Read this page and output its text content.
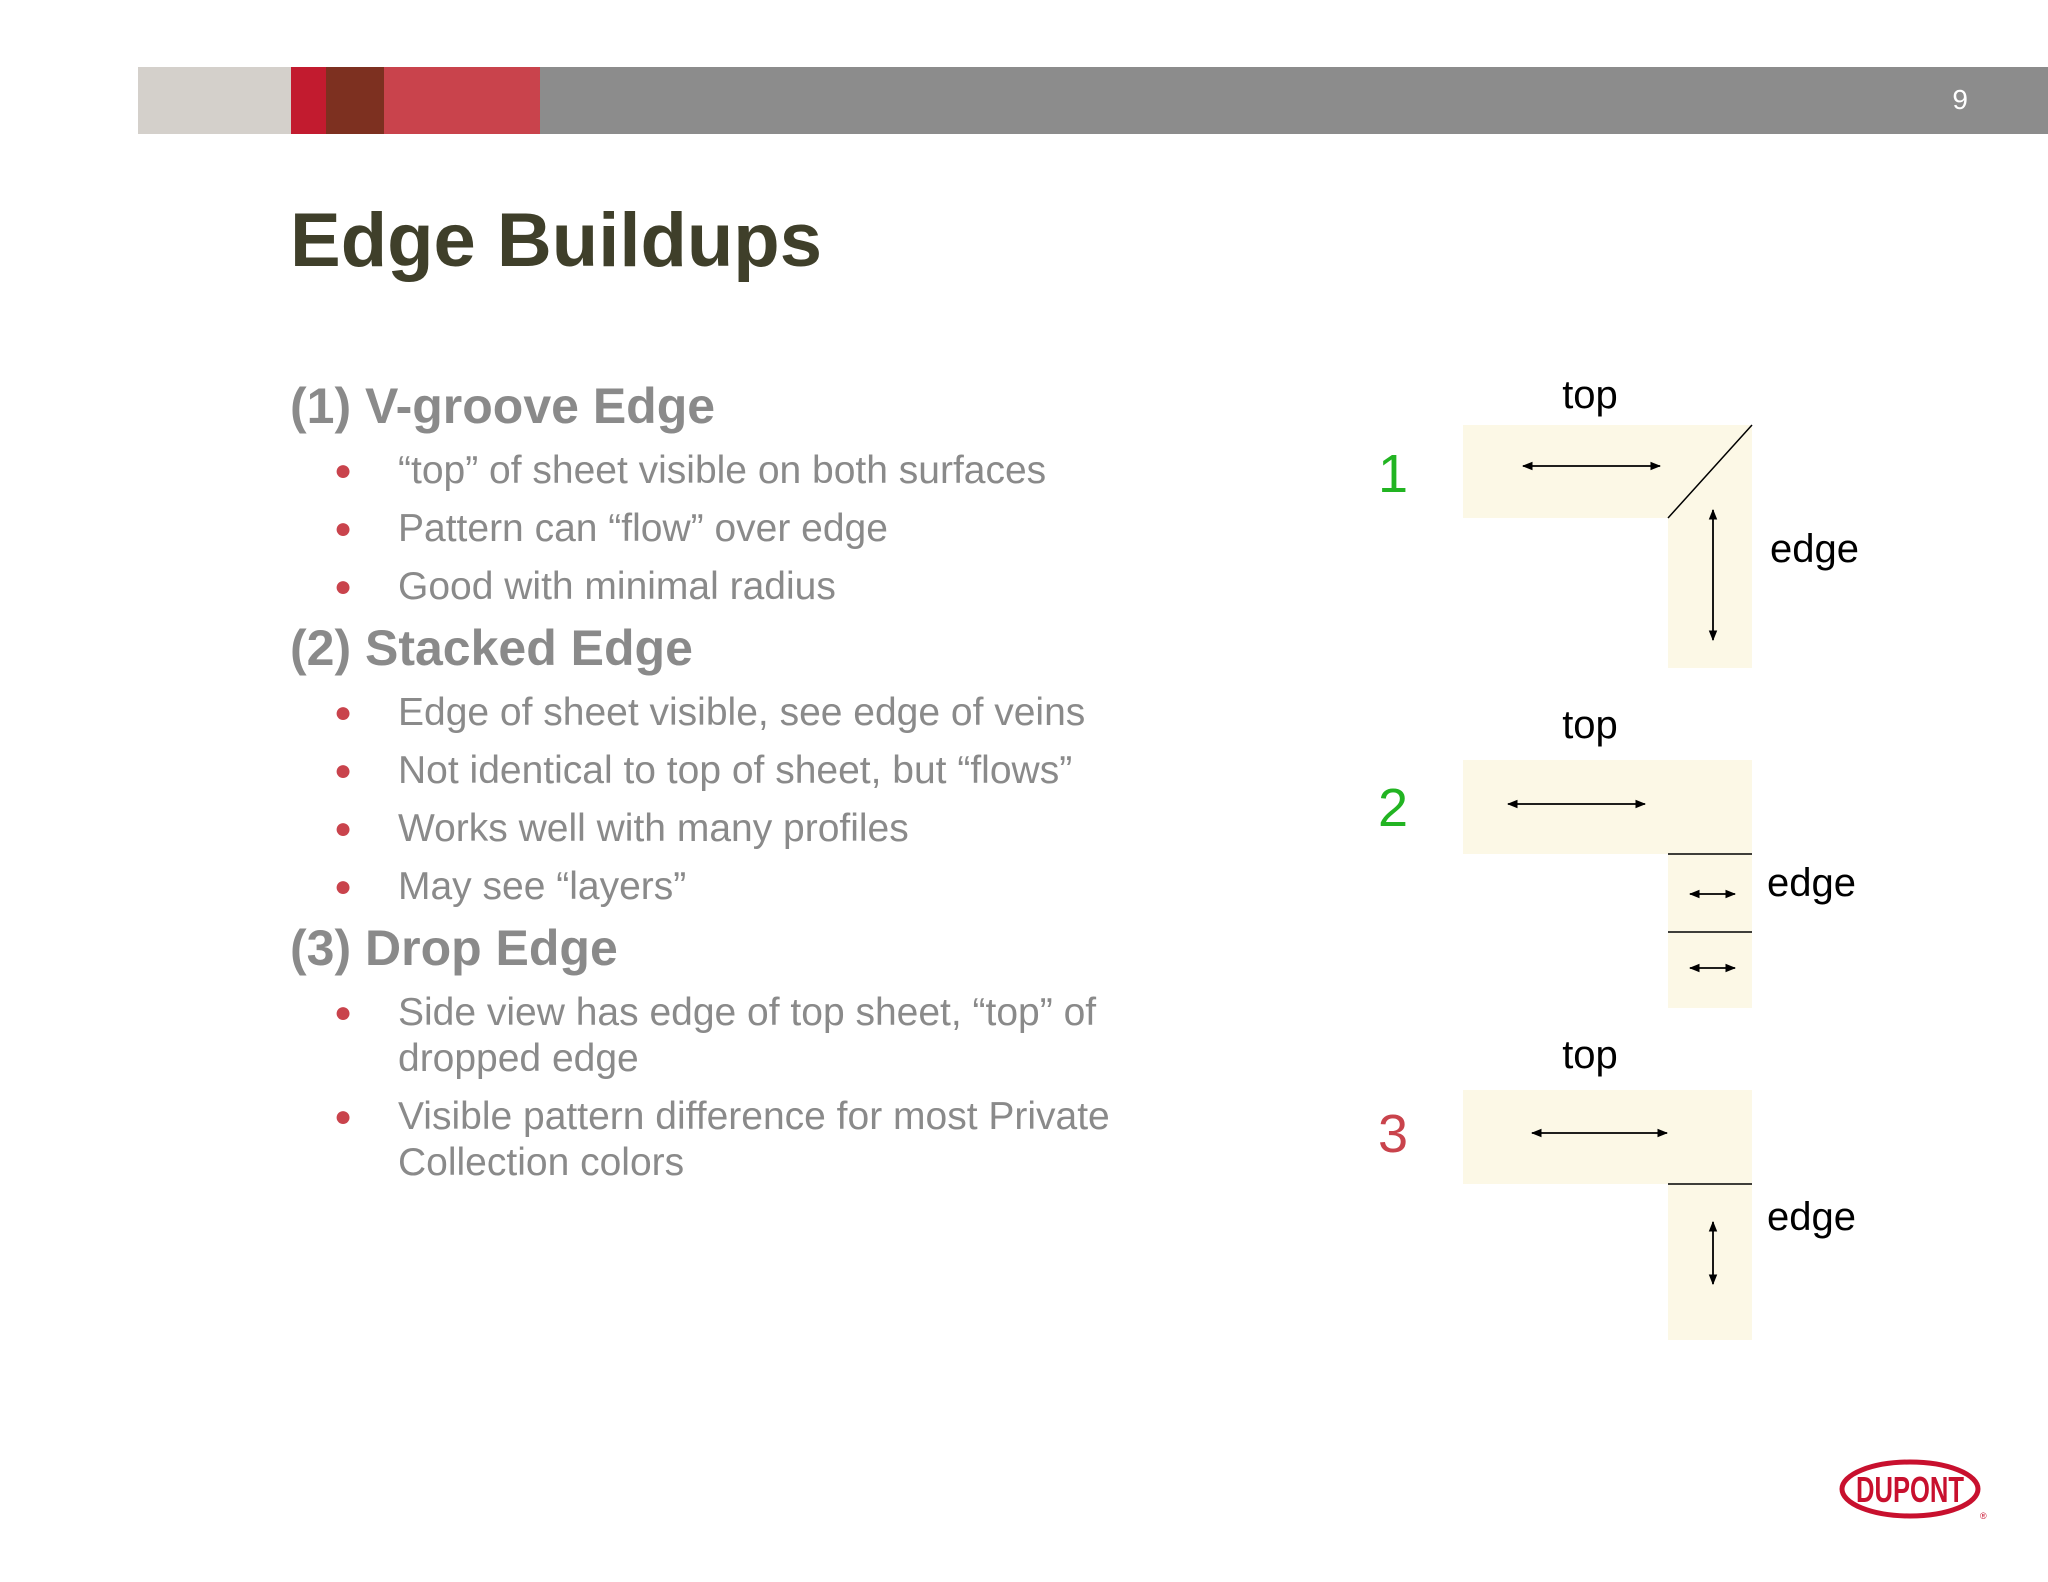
9
Edge Buildups
(1) V-groove Edge
● “top” of sheet visible on both surfaces
● Pattern can “flow” over edge
● Good with minimal radius
(2) Stacked Edge
● Edge of sheet visible, see edge of veins
● Not identical to top of sheet, but “flows”
● Works well with many profiles
● May see “layers”
(3) Drop Edge
● Side view has edge of top sheet, “top” of dropped edge
● Visible pattern difference for most Private Collection colors
top
1
edge
top
2
edge
top
3
edge
DUPONT
®
